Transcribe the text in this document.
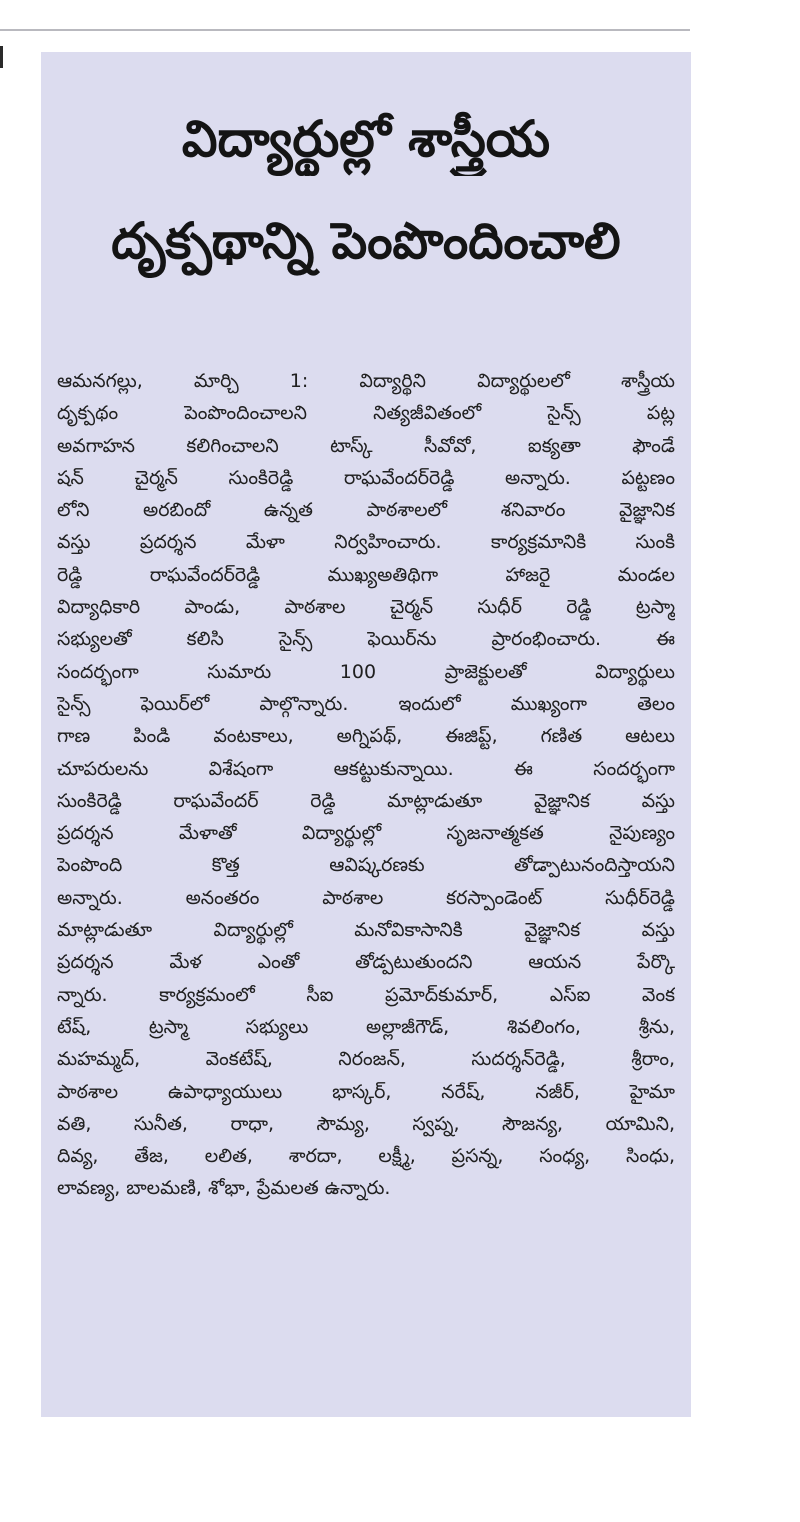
విద్యార్థుల్లో శాస్త్రీయ
దృక్పథాన్ని పెంపొందించాలి
ఆమనగల్లు, మార్చి 1: విద్యార్థిని విద్యార్థులలో శాస్త్రీయ
దృక్పథం పెంపొందించాలని నిత్యజీవితంలో సైన్స్ పట్ల
అవగాహన కలిగించాలని టాస్క్ సీవోవో, ఐక్యతా ఫౌండే
షన్ చైర్మన్ సుంకిరెడ్డి రాఘవేందర్‌రెడ్డి అన్నారు. పట్టణం
లోని అరబిందో ఉన్నత పాఠశాలలో శనివారం వైజ్ఞానిక
వస్తు ప్రదర్శన మేళా నిర్వహించారు. కార్యక్రమానికి సుంకి
రెడ్డి రాఘవేందర్‌రెడ్డి ముఖ్యఅతిథిగా హాజరై మండల
విద్యాధికారి పాండు, పాఠశాల చైర్మన్ సుధీర్ రెడ్డి ట్రస్మా
సభ్యులతో కలిసి సైన్స్ ఫెయిర్‌ను ప్రారంభించారు. ఈ
సందర్భంగా సుమారు 100 ప్రాజెక్టులతో విద్యార్థులు
సైన్స్ ఫెయిర్‌లో పాల్గొన్నారు. ఇందులో ముఖ్యంగా తెలం
గాణ పిండి వంటకాలు, అగ్నిపథ్, ఈజిప్ట్, గణిత ఆటలు
చూపరులను విశేషంగా ఆకట్టుకున్నాయి. ఈ సందర్భంగా
సుంకిరెడ్డి రాఘవేందర్ రెడ్డి మాట్లాడుతూ వైజ్ఞానిక వస్తు
ప్రదర్శన మేళాతో విద్యార్థుల్లో సృజనాత్మకత నైపుణ్యం
పెంపొంది కొత్త ఆవిష్కరణకు తోడ్పాటునందిస్తాయని
అన్నారు. అనంతరం పాఠశాల కరస్పాండెంట్ సుధీర్‌రెడ్డి
మాట్లాడుతూ విద్యార్థుల్లో మనోవికాసానికి వైజ్ఞానిక వస్తు
ప్రదర్శన మేళ ఎంతో తోడ్పటుతుందని ఆయన పేర్కొ
న్నారు. కార్యక్రమంలో సీఐ ప్రమోద్‌కుమార్, ఎస్ఐ వెంక
టేష్, ట్రస్మా సభ్యులు అల్లాజీగౌడ్, శివలింగం, శ్రీను,
మహమ్మద్, వెంకటేష్, నిరంజన్, సుదర్శన్‌రెడ్డి, శ్రీరాం,
పాఠశాల ఉపాధ్యాయులు భాస్కర్, నరేష్, నజీర్, హైమా
వతి, సునీత, రాధా, సౌమ్య, స్వప్న, సౌజన్య, యామిని,
దివ్య, తేజ, లలిత, శారదా, లక్ష్మీ, ప్రసన్న, సంధ్య, సింధు,
లావణ్య, బాలమణి, శోభా, ప్రేమలత ఉన్నారు.
